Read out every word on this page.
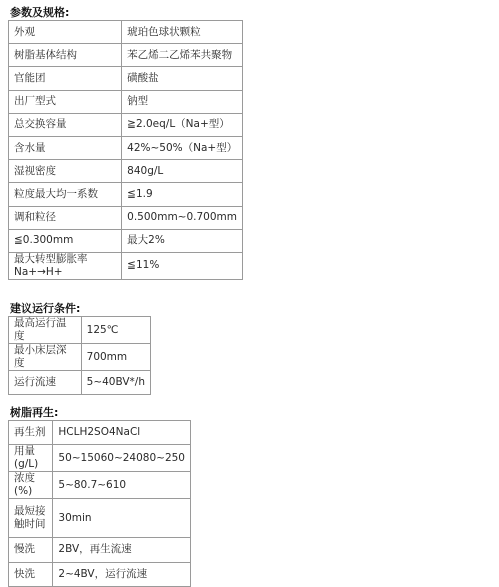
参数及规格:
外观	琥珀色球状颗粒
树脂基体结构	苯乙烯二乙烯苯共聚物
官能团	磺酸盐
出厂型式	钠型
总交换容量	≧2.0eq/L（Na+型）
含水量	42%~50%（Na+型）
湿视密度	840g/L
粒度最大均一系数	≦1.9
调和粒径	0.500mm~0.700mm
≦0.300mm	最大2%
最大转型膨胀率Na+→H+	≦11%
建议运行条件:
最高运行温度	125℃
最小床层深度	700mm
运行流速	5~40BV*/h
树脂再生:
再生剂	HCLH2SO4NaCl
用量(g/L)	50~15060~24080~250
浓度(%)	5~80.7~610
最短接触时间	30min
慢洗	2BV，再生流速
快洗	2~4BV，运行流速
